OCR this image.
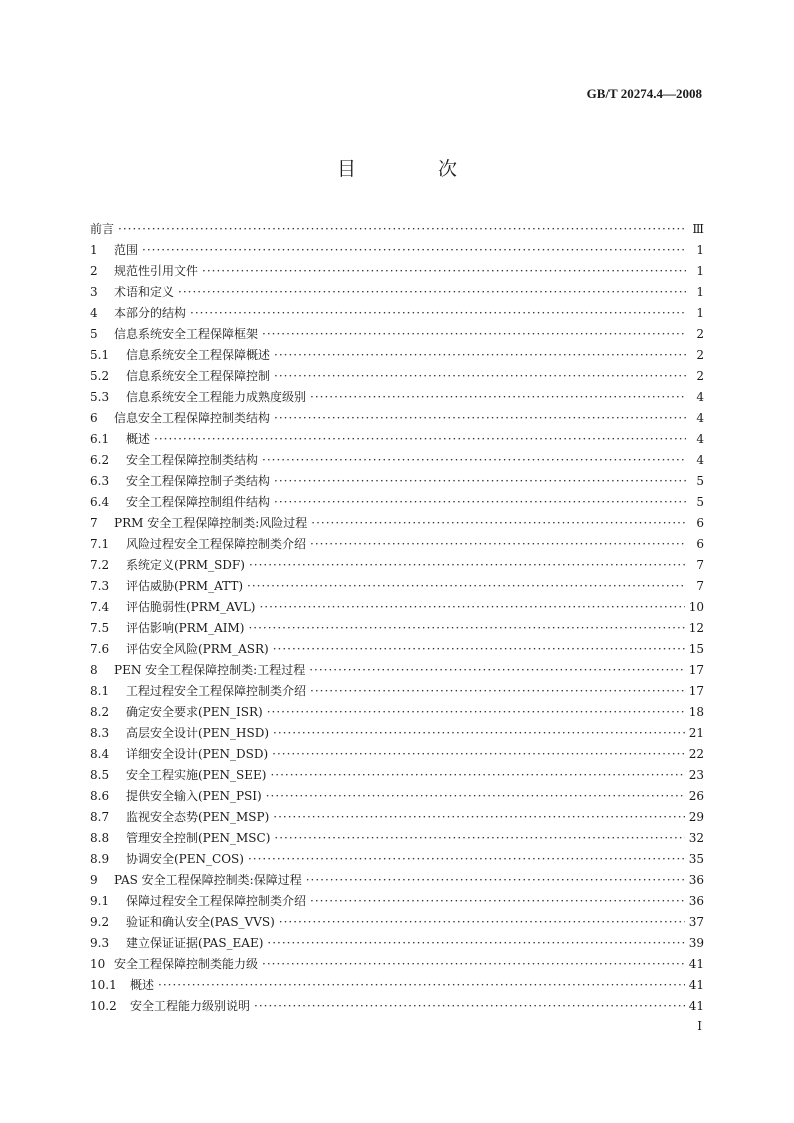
GB/T 20274.4—2008
目 次
前言 ·····	Ⅲ
1	范围 ·····	1
2	规范性引用文件 ·····	1
3	术语和定义 ·····	1
4	本部分的结构 ·····	1
5	信息系统安全工程保障框架 ·····	2
5.1	信息系统安全工程保障概述 ·····	2
5.2	信息系统安全工程保障控制 ·····	2
5.3	信息系统安全工程能力成熟度级别 ·····	4
6	信息安全工程保障控制类结构 ·····	4
6.1	概述 ·····	4
6.2	安全工程保障控制类结构 ·····	4
6.3	安全工程保障控制子类结构 ·····	5
6.4	安全工程保障控制组件结构 ·····	5
7	PRM 安全工程保障控制类:风险过程 ·····	6
7.1	风险过程安全工程保障控制类介绍 ·····	6
7.2	系统定义(PRM_SDF) ·····	7
7.3	评估威胁(PRM_ATT) ·····	7
7.4	评估脆弱性(PRM_AVL) ·····	10
7.5	评估影响(PRM_AIM) ·····	12
7.6	评估安全风险(PRM_ASR) ·····	15
8	PEN 安全工程保障控制类:工程过程 ·····	17
8.1	工程过程安全工程保障控制类介绍 ·····	17
8.2	确定安全要求(PEN_ISR) ·····	18
8.3	高层安全设计(PEN_HSD) ·····	21
8.4	详细安全设计(PEN_DSD) ·····	22
8.5	安全工程实施(PEN_SEE) ·····	23
8.6	提供安全输入(PEN_PSI) ·····	26
8.7	监视安全态势(PEN_MSP) ·····	29
8.8	管理安全控制(PEN_MSC) ·····	32
8.9	协调安全(PEN_COS) ·····	35
9	PAS 安全工程保障控制类:保障过程 ·····	36
9.1	保障过程安全工程保障控制类介绍 ·····	36
9.2	验证和确认安全(PAS_VVS) ·····	37
9.3	建立保证证据(PAS_EAE) ·····	39
10 安全工程保障控制类能力级 ·····	41
10.1	概述 ·····	41
10.2	安全工程能力级别说明 ·····	41
I
